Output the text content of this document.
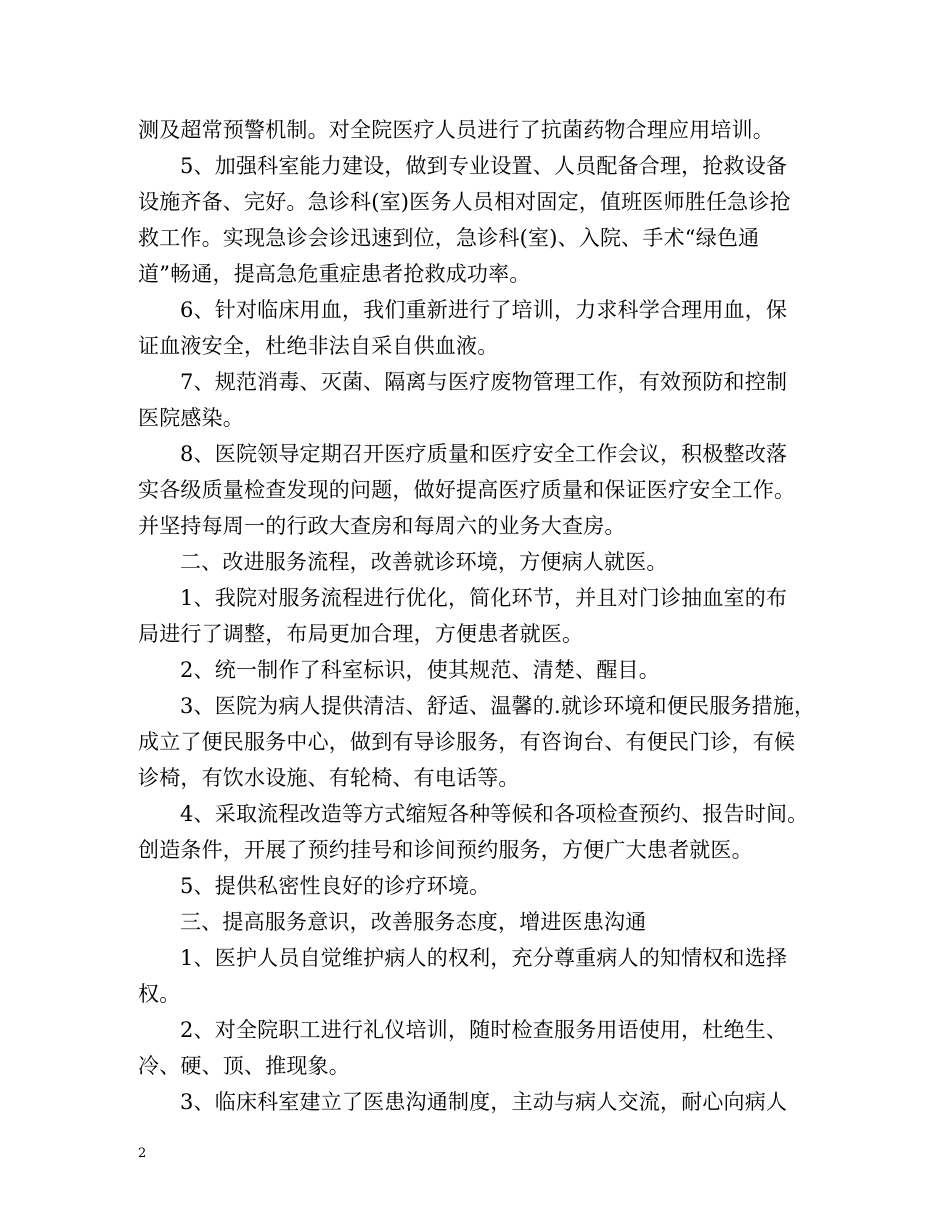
测及超常预警机制。对全院医疗人员进行了抗菌药物合理应用培训。
5、加强科室能力建设，做到专业设置、人员配备合理，抢救设备
设施齐备、完好。急诊科(室)医务人员相对固定，值班医师胜任急诊抢
救工作。实现急诊会诊迅速到位，急诊科(室)、入院、手术“绿色通
道”畅通，提高急危重症患者抢救成功率。
6、针对临床用血，我们重新进行了培训，力求科学合理用血，保
证血液安全，杜绝非法自采自供血液。
7、规范消毒、灭菌、隔离与医疗废物管理工作，有效预防和控制
医院感染。
8、医院领导定期召开医疗质量和医疗安全工作会议，积极整改落
实各级质量检查发现的问题，做好提高医疗质量和保证医疗安全工作。
并坚持每周一的行政大查房和每周六的业务大查房。
二、改进服务流程，改善就诊环境，方便病人就医。
1、我院对服务流程进行优化，简化环节，并且对门诊抽血室的布
局进行了调整，布局更加合理，方便患者就医。
2、统一制作了科室标识，使其规范、清楚、醒目。
3、医院为病人提供清洁、舒适、温馨的.就诊环境和便民服务措施，
成立了便民服务中心，做到有导诊服务，有咨询台、有便民门诊，有候
诊椅，有饮水设施、有轮椅、有电话等。
4、采取流程改造等方式缩短各种等候和各项检查预约、报告时间。
创造条件，开展了预约挂号和诊间预约服务，方便广大患者就医。
5、提供私密性良好的诊疗环境。
三、提高服务意识，改善服务态度，增进医患沟通
1、医护人员自觉维护病人的权利，充分尊重病人的知情权和选择
权。
2、对全院职工进行礼仪培训，随时检查服务用语使用，杜绝生、
冷、硬、顶、推现象。
3、临床科室建立了医患沟通制度，主动与病人交流，耐心向病人
2
